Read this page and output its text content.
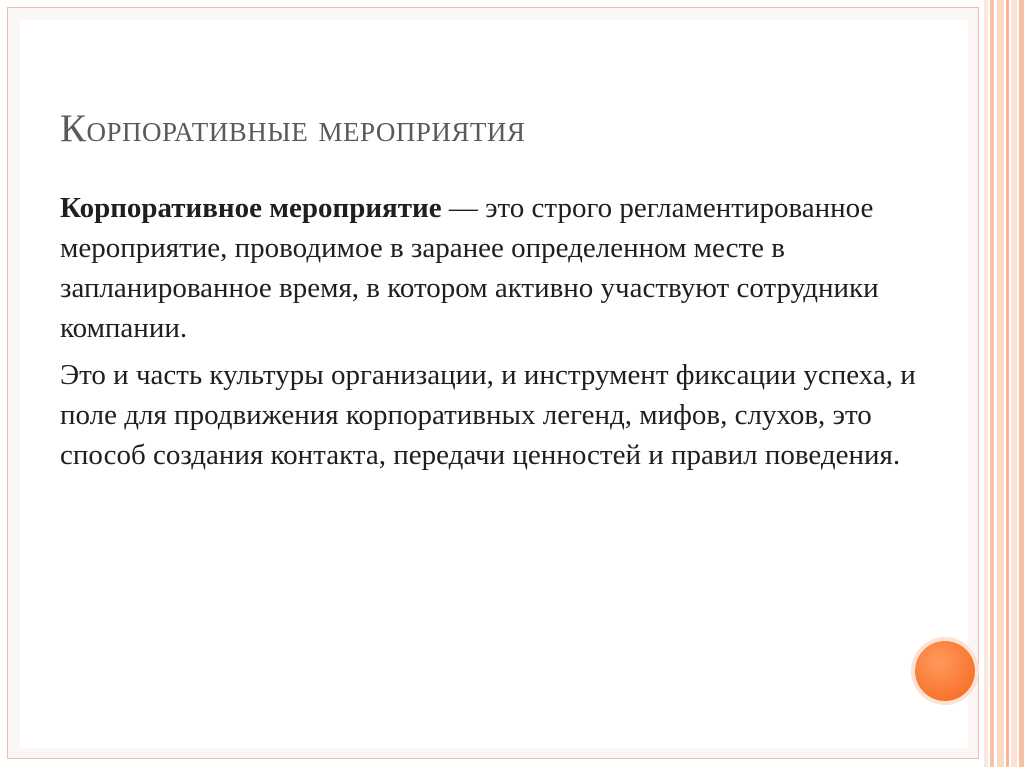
Корпоративные мероприятия

Корпоративное мероприятие — это строго регламентированное мероприятие, проводимое в заранее определенном месте в запланированное время, в котором активно участвуют сотрудники компании.

Это и часть культуры организации, и инструмент фиксации успеха, и поле для продвижения корпоративных легенд, мифов, слухов, это способ создания контакта, передачи ценностей и правил поведения.
